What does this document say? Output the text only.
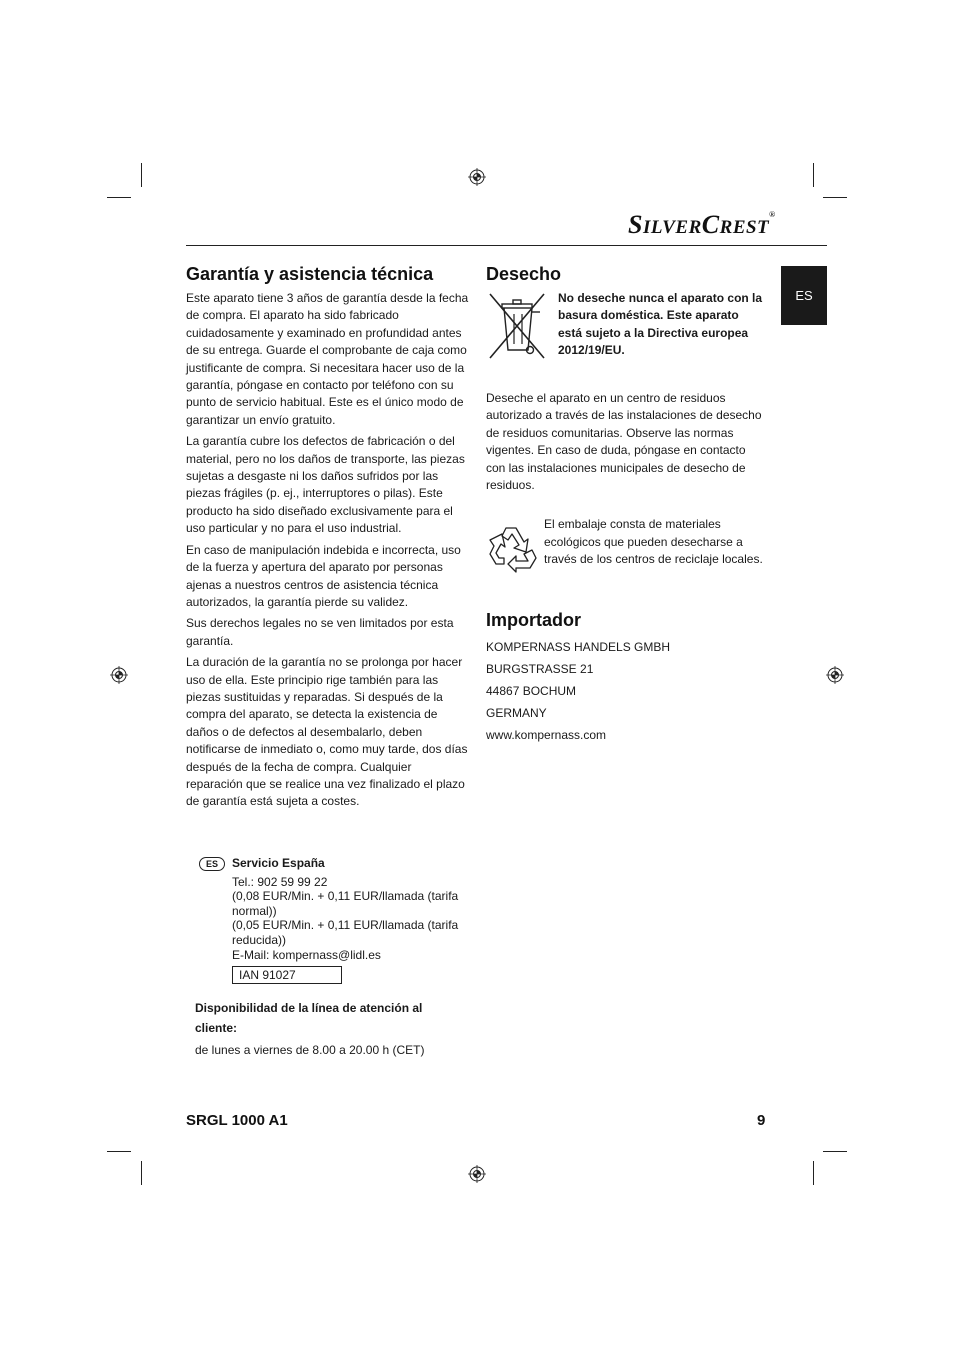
SILVERCREST®
ES
Garantía y asistencia técnica

Este aparato tiene 3 años de garantía desde la fecha de compra. El aparato ha sido fabricado cuidadosamente y examinado en profundidad antes de su entrega. Guarde el comprobante de caja como justificante de compra. Si necesitara hacer uso de la garantía, póngase en contacto por teléfono con su punto de servicio habitual. Este es el único modo de garantizar un envío gratuito.

La garantía cubre los defectos de fabricación o del material, pero no los daños de transporte, las piezas sujetas a desgaste ni los daños sufridos por las piezas frágiles (p. ej., interruptores o pilas). Este producto ha sido diseñado exclusivamente para el uso particular y no para el uso industrial.

En caso de manipulación indebida e incorrecta, uso de la fuerza y apertura del aparato por personas ajenas a nuestros centros de asistencia técnica autorizados, la garantía pierde su validez.

Sus derechos legales no se ven limitados por esta garantía.

La duración de la garantía no se prolonga por hacer uso de ella. Este principio rige también para las piezas sustituidas y reparadas. Si después de la compra del aparato, se detecta la existencia de daños o de defectos al desembalarlo, deben notificarse de inmediato o, como muy tarde, dos días después de la fecha de compra. Cualquier reparación que se realice una vez finalizado el plazo de garantía está sujeta a costes.

ES	Servicio España
Tel.: 902 59 99 22
(0,08 EUR/Min. + 0,11 EUR/llamada (tarifa normal))
(0,05 EUR/Min. + 0,11 EUR/llamada (tarifa reducida))
E-Mail: kompernass@lidl.es
IAN 91027
Disponibilidad de la línea de atención al cliente:
de lunes a viernes de 8.00 a 20.00 h (CET)
Desecho
No deseche nunca el aparato con la basura doméstica. Este aparato está sujeto a la Directiva europea 2012/19/EU.

Deseche el aparato en un centro de residuos autorizado a través de las instalaciones de desecho de residuos comunitarias. Observe las normas vigentes. En caso de duda, póngase en contacto con las instalaciones municipales de desecho de residuos.

El embalaje consta de materiales ecológicos que pueden desecharse a través de los centros de reciclaje locales.
Importador
KOMPERNASS HANDELS GMBH
BURGSTRASSE 21
44867 BOCHUM
GERMANY
www.kompernass.com
SRGL 1000 A1	9
